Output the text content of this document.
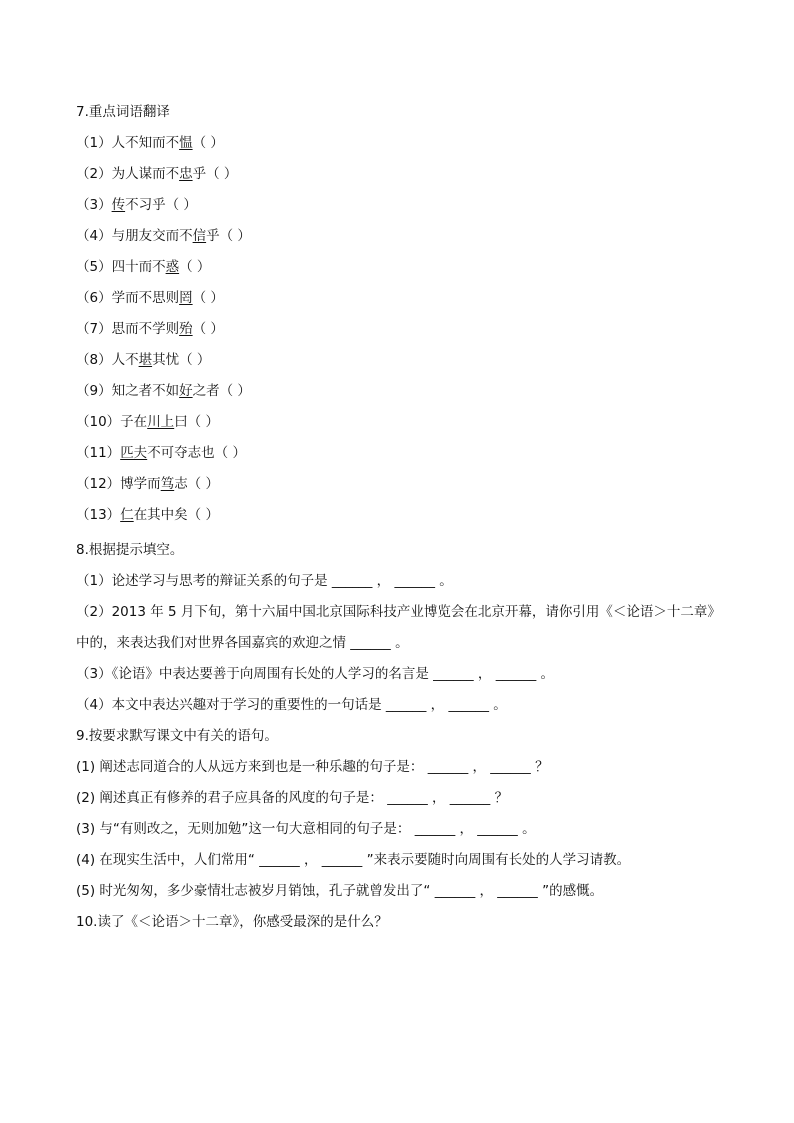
7.重点词语翻译
（1）人不知而不愠（ ）
（2）为人谋而不忠乎（ ）
（3）传不习乎（ ）
（4）与朋友交而不信乎（ ）
（5）四十而不惑（ ）
（6）学而不思则罔（ ）
（7）思而不学则殆（ ）
（8）人不堪其忧（ ）
（9）知之者不如好之者（ ）
（10）子在川上曰（ ）
（11）匹夫不可夺志也（ ）
（12）博学而笃志（ ）
（13）仁在其中矣（ ）
8.根据提示填空。
（1）论述学习与思考的辩证关系的句子是 ______ ， ______ 。
（2）2013 年 5 月下旬，第十六届中国北京国际科技产业博览会在北京开幕，请你引用《＜论语＞十二章》
中的，来表达我们对世界各国嘉宾的欢迎之情 ______ 。
（3）《论语》中表达要善于向周围有长处的人学习的名言是 ______ ， ______ 。
（4）本文中表达兴趣对于学习的重要性的一句话是 ______ ， ______ 。
9.按要求默写课文中有关的语句。
(1) 阐述志同道合的人从远方来到也是一种乐趣的句子是： ______ ， ______ ？
(2) 阐述真正有修养的君子应具备的风度的句子是： ______ ， ______ ？
(3) 与“有则改之，无则加勉”这一句大意相同的句子是： ______ ， ______ 。
(4) 在现实生活中，人们常用“ ______ ， ______ ”来表示要随时向周围有长处的人学习请教。
(5) 时光匆匆，多少豪情壮志被岁月销蚀，孔子就曾发出了“ ______ ， ______ ”的感慨。
10.读了《＜论语＞十二章》，你感受最深的是什么？
